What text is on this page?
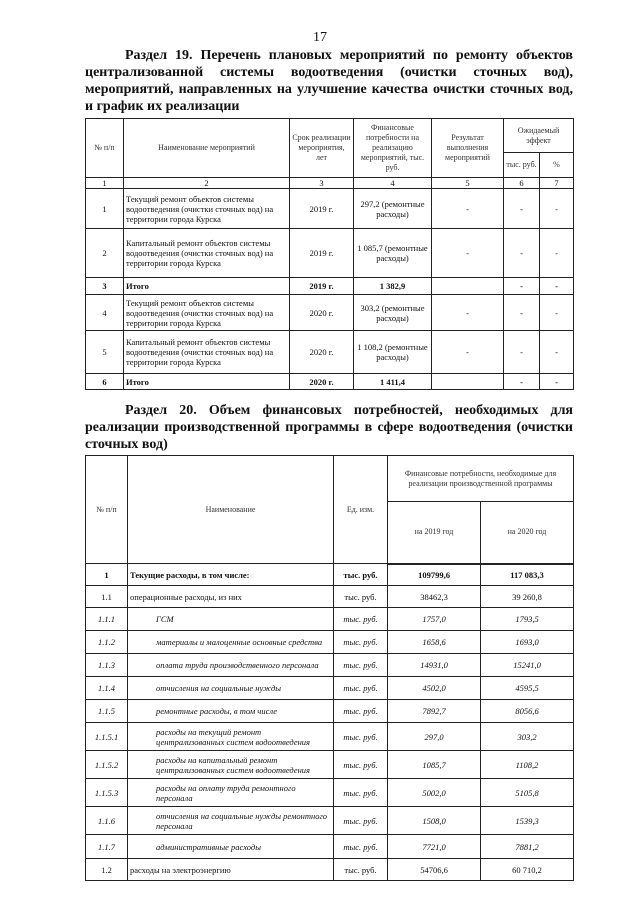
17
Раздел 19. Перечень плановых мероприятий по ремонту объектов централизованной системы водоотведения (очистки сточных вод), мероприятий, направленных на улучшение качества очистки сточных вод, и график их реализации
№ п/п	Наименование мероприятий	Срок реализации мероприятия, лет	Финансовые потребности на реализацию мероприятий, тыс. руб.	Результат выполнения мероприятий	Ожидаемый эффект	
					тыс. руб.	%
1	2	3	4	5	6	7
1	Текущий ремонт объектов системы водоотведения (очистки сточных вод) на территории города Курска	2019 г.	297,2 (ремонтные расходы)	-	-	-
2	Капитальный ремонт объектов системы водоотведения (очистки сточных вод) на территории города Курска	2019 г.	1 085,7 (ремонтные расходы)	-	-	-
3	Итого	2019 г.	1 382,9		-	-
4	Текущий ремонт объектов системы водоотведения (очистки сточных вод) на территории города Курска	2020 г.	303,2 (ремонтные расходы)	-	-	-
5	Капитальный ремонт объектов системы водоотведения (очистки сточных вод) на территории города Курска	2020 г.	1 108,2 (ремонтные расходы)	-	-	-
6	Итого	2020 г.	1 411,4		-	-
Раздел 20. Объем финансовых потребностей, необходимых для реализации производственной программы в сфере водоотведения (очистки сточных вод)
№ п/п	Наименование	Ед. изм.	Финансовые потребности, необходимые для реализации производственной программы	
			на 2019 год	на 2020 год
1	Текущие расходы, в том числе:	тыс. руб.	109799,6	117 083,3
1.1	операционные расходы, из них	тыс. руб.	38462,3	39 260,8
1.1.1	ГСМ	тыс. руб.	1757,0	1793,5
1.1.2	материалы и малоценные основные средства	тыс. руб.	1658,6	1693,0
1.1.3	оплата труда производственного персонала	тыс. руб.	14931,0	15241,0
1.1.4	отчисления на социальные нужды	тыс. руб.	4502,0	4595,5
1.1.5	ремонтные расходы, в том числе	тыс. руб.	7892,7	8056,6
1.1.5.1	расходы на текущий ремонт централизованных систем водоотведения	тыс. руб.	297,0	303,2
1.1.5.2	расходы на капитальный ремонт централизованных систем водоотведения	тыс. руб.	1085,7	1108,2
1.1.5.3	расходы на оплату труда ремонтного персонала	тыс. руб.	5002,0	5105,8
1.1.6	отчисления на социальные нужды ремонтного персонала	тыс. руб.	1508,0	1539,3
1.1.7	административные расходы	тыс. руб.	7721,0	7881,2
1.2	расходы на электроэнергию	тыс. руб.	54706,6	60 710,2
